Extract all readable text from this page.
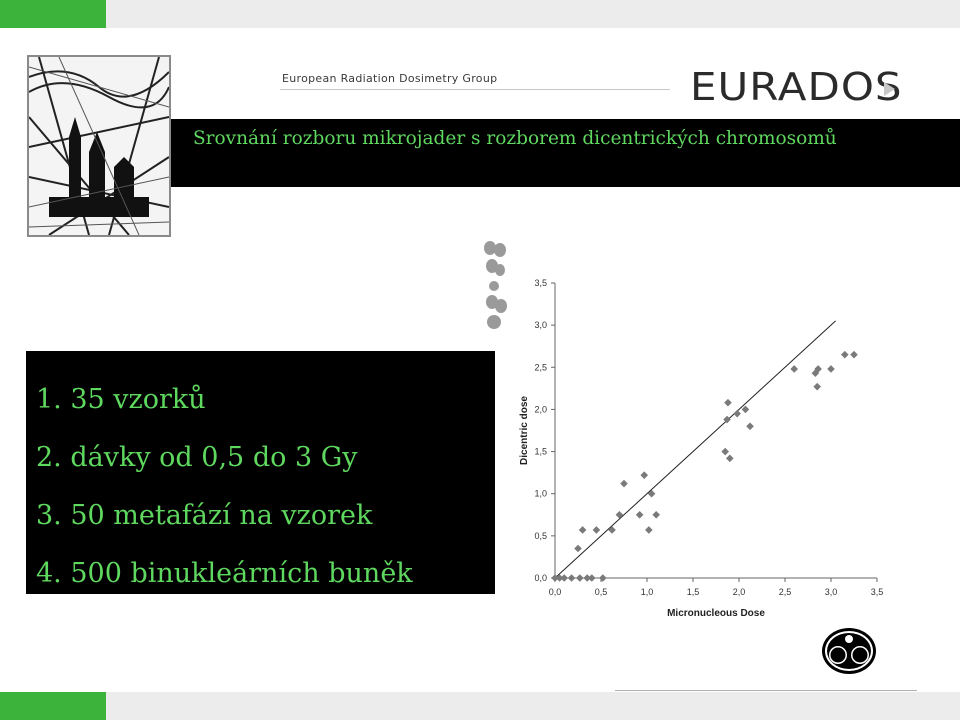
European Radiation Dosimetry Group	EURADOS
Srovnání rozboru mikrojader s rozborem dicentrických chromosomů
1. 35 vzorků
2. dávky od 0,5 do 3 Gy
3. 50 metafází na vzorek
4. 500 binukleárních buněk
0,0	0,5	1,0	1,5	2,0	2,5	3,0	3,5
0,0
0,5
1,0
1,5
2,0
2,5
3,0
3,5
Micronucleous Dose
Dicentric dose
